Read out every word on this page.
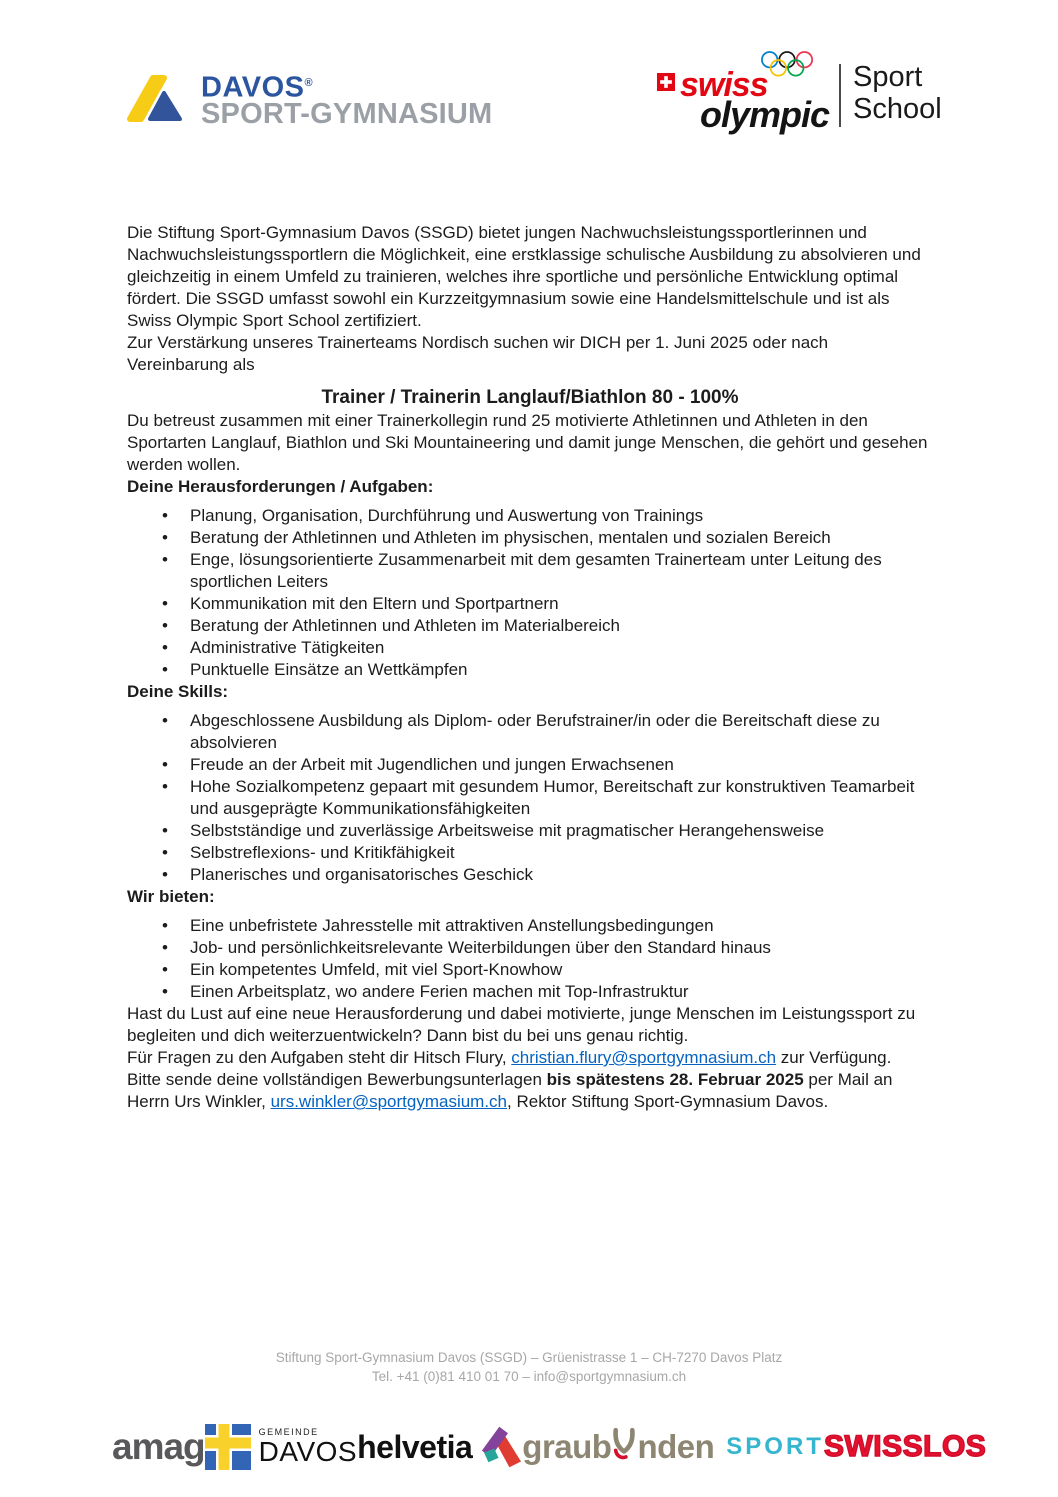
DAVOS®
SPORT-GYMNASIUM
swiss
olympic
Sport
School

Die Stiftung Sport-Gymnasium Davos (SSGD) bietet jungen Nachwuchsleistungssportlerinnen und Nachwuchsleistungssportlern die Möglichkeit, eine erstklassige schulische Ausbildung zu absolvieren und gleichzeitig in einem Umfeld zu trainieren, welches ihre sportliche und persönliche Entwicklung optimal fördert. Die SSGD umfasst sowohl ein Kurzzeitgymnasium sowie eine Handelsmittelschule und ist als Swiss Olympic Sport School zertifiziert.

Zur Verstärkung unseres Trainerteams Nordisch suchen wir DICH per 1. Juni 2025 oder nach Vereinbarung als

Trainer / Trainerin Langlauf/Biathlon 80 - 100%

Du betreust zusammen mit einer Trainerkollegin rund 25 motivierte Athletinnen und Athleten in den Sportarten Langlauf, Biathlon und Ski Mountaineering und damit junge Menschen, die gehört und gesehen werden wollen.

Deine Herausforderungen / Aufgaben:

• Planung, Organisation, Durchführung und Auswertung von Trainings
• Beratung der Athletinnen und Athleten im physischen, mentalen und sozialen Bereich
• Enge, lösungsorientierte Zusammenarbeit mit dem gesamten Trainerteam unter Leitung des sportlichen Leiters
• Kommunikation mit den Eltern und Sportpartnern
• Beratung der Athletinnen und Athleten im Materialbereich
• Administrative Tätigkeiten
• Punktuelle Einsätze an Wettkämpfen

Deine Skills:

• Abgeschlossene Ausbildung als Diplom- oder Berufstrainer/in oder die Bereitschaft diese zu absolvieren
• Freude an der Arbeit mit Jugendlichen und jungen Erwachsenen
• Hohe Sozialkompetenz gepaart mit gesundem Humor, Bereitschaft zur konstruktiven Teamarbeit und ausgeprägte Kommunikationsfähigkeiten
• Selbstständige und zuverlässige Arbeitsweise mit pragmatischer Herangehensweise
• Selbstreflexions- und Kritikfähigkeit
• Planerisches und organisatorisches Geschick

Wir bieten:

• Eine unbefristete Jahresstelle mit attraktiven Anstellungsbedingungen
• Job- und persönlichkeitsrelevante Weiterbildungen über den Standard hinaus
• Ein kompetentes Umfeld, mit viel Sport-Knowhow
• Einen Arbeitsplatz, wo andere Ferien machen mit Top-Infrastruktur

Hast du Lust auf eine neue Herausforderung und dabei motivierte, junge Menschen im Leistungssport zu begleiten und dich weiterzuentwickeln? Dann bist du bei uns genau richtig.

Für Fragen zu den Aufgaben steht dir Hitsch Flury, christian.flury@sportgymnasium.ch zur Verfügung.

Bitte sende deine vollständigen Bewerbungsunterlagen bis spätestens 28. Februar 2025 per Mail an Herrn Urs Winkler, urs.winkler@sportgymasium.ch, Rektor Stiftung Sport-Gymnasium Davos.

Stiftung Sport-Gymnasium Davos (SSGD) – Grüenistrasse 1 – CH-7270 Davos Platz
Tel. +41 (0)81 410 01 70 – info@sportgymnasium.ch
amag	GEMEINDE
DAVOS helvetia graub nden SPORT SWISSLOS
